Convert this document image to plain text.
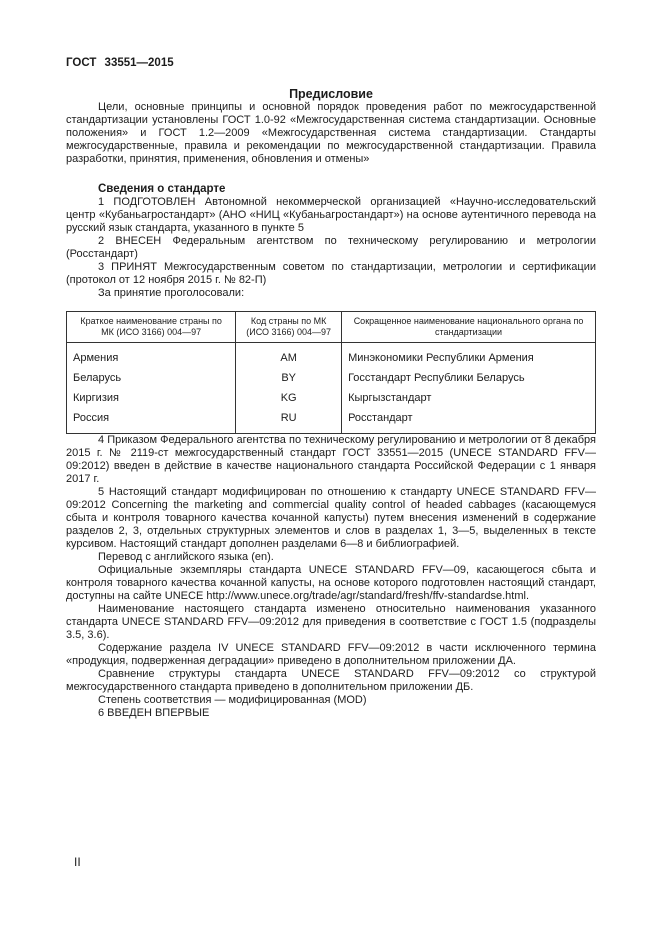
ГОСТ 33551—2015

Предисловие

Цели, основные принципы и основной порядок проведения работ по межгосударственной стандартизации установлены ГОСТ 1.0-92 «Межгосударственная система стандартизации. Основные положения» и ГОСТ 1.2—2009 «Межгосударственная система стандартизации. Стандарты межгосударственные, правила и рекомендации по межгосударственной стандартизации. Правила разработки, принятия, применения, обновления и отмены»

Сведения о стандарте

1 ПОДГОТОВЛЕН Автономной некоммерческой организацией «Научно-исследовательский центр «Кубаньагростандарт» (АНО «НИЦ «Кубаньагростандарт») на основе аутентичного перевода на русский язык стандарта, указанного в пункте 5

2 ВНЕСЕН Федеральным агентством по техническому регулированию и метрологии (Росстандарт)

3 ПРИНЯТ Межгосударственным советом по стандартизации, метрологии и сертификации (протокол от 12 ноября 2015 г. № 82-П)

За принятие проголосовали:

Краткое наименование страны по МК (ИСО 3166) 004—97	Код страны по МК (ИСО 3166) 004—97	Сокращенное наименование национального органа по стандартизации
Армения	AM	Минэкономики Республики Армения
Беларусь	BY	Госстандарт Республики Беларусь
Киргизия	KG	Кыргызстандарт
Россия	RU	Росстандарт

4 Приказом Федерального агентства по техническому регулированию и метрологии от 8 декабря 2015 г. № 2119-ст межгосударственный стандарт ГОСТ 33551—2015 (UNECE STANDARD FFV—09:2012) введен в действие в качестве национального стандарта Российской Федерации с 1 января 2017 г.

5 Настоящий стандарт модифицирован по отношению к стандарту UNECE STANDARD FFV—09:2012 Concerning the marketing and commercial quality control of headed cabbages (касающемуся сбыта и контроля товарного качества кочанной капусты) путем внесения изменений в содержание разделов 2, 3, отдельных структурных элементов и слов в разделах 1, 3—5, выделенных в тексте курсивом. Настоящий стандарт дополнен разделами 6—8 и библиографией.

Перевод с английского языка (en).

Официальные экземпляры стандарта UNECE STANDARD FFV—09, касающегося сбыта и контроля товарного качества кочанной капусты, на основе которого подготовлен настоящий стандарт, доступны на сайте UNECE http://www.unece.org/trade/agr/standard/fresh/ffv-standardse.html.

Наименование настоящего стандарта изменено относительно наименования указанного стандарта UNECE STANDARD FFV—09:2012 для приведения в соответствие с ГОСТ 1.5 (подразделы 3.5, 3.6).

Содержание раздела IV UNECE STANDARD FFV—09:2012 в части исключенного термина «продукция, подверженная деградации» приведено в дополнительном приложении ДА.

Сравнение структуры стандарта UNECE STANDARD FFV—09:2012 со структурой межгосударственного стандарта приведено в дополнительном приложении ДБ.

Степень соответствия — модифицированная (MOD)

6 ВВЕДЕН ВПЕРВЫЕ

II
